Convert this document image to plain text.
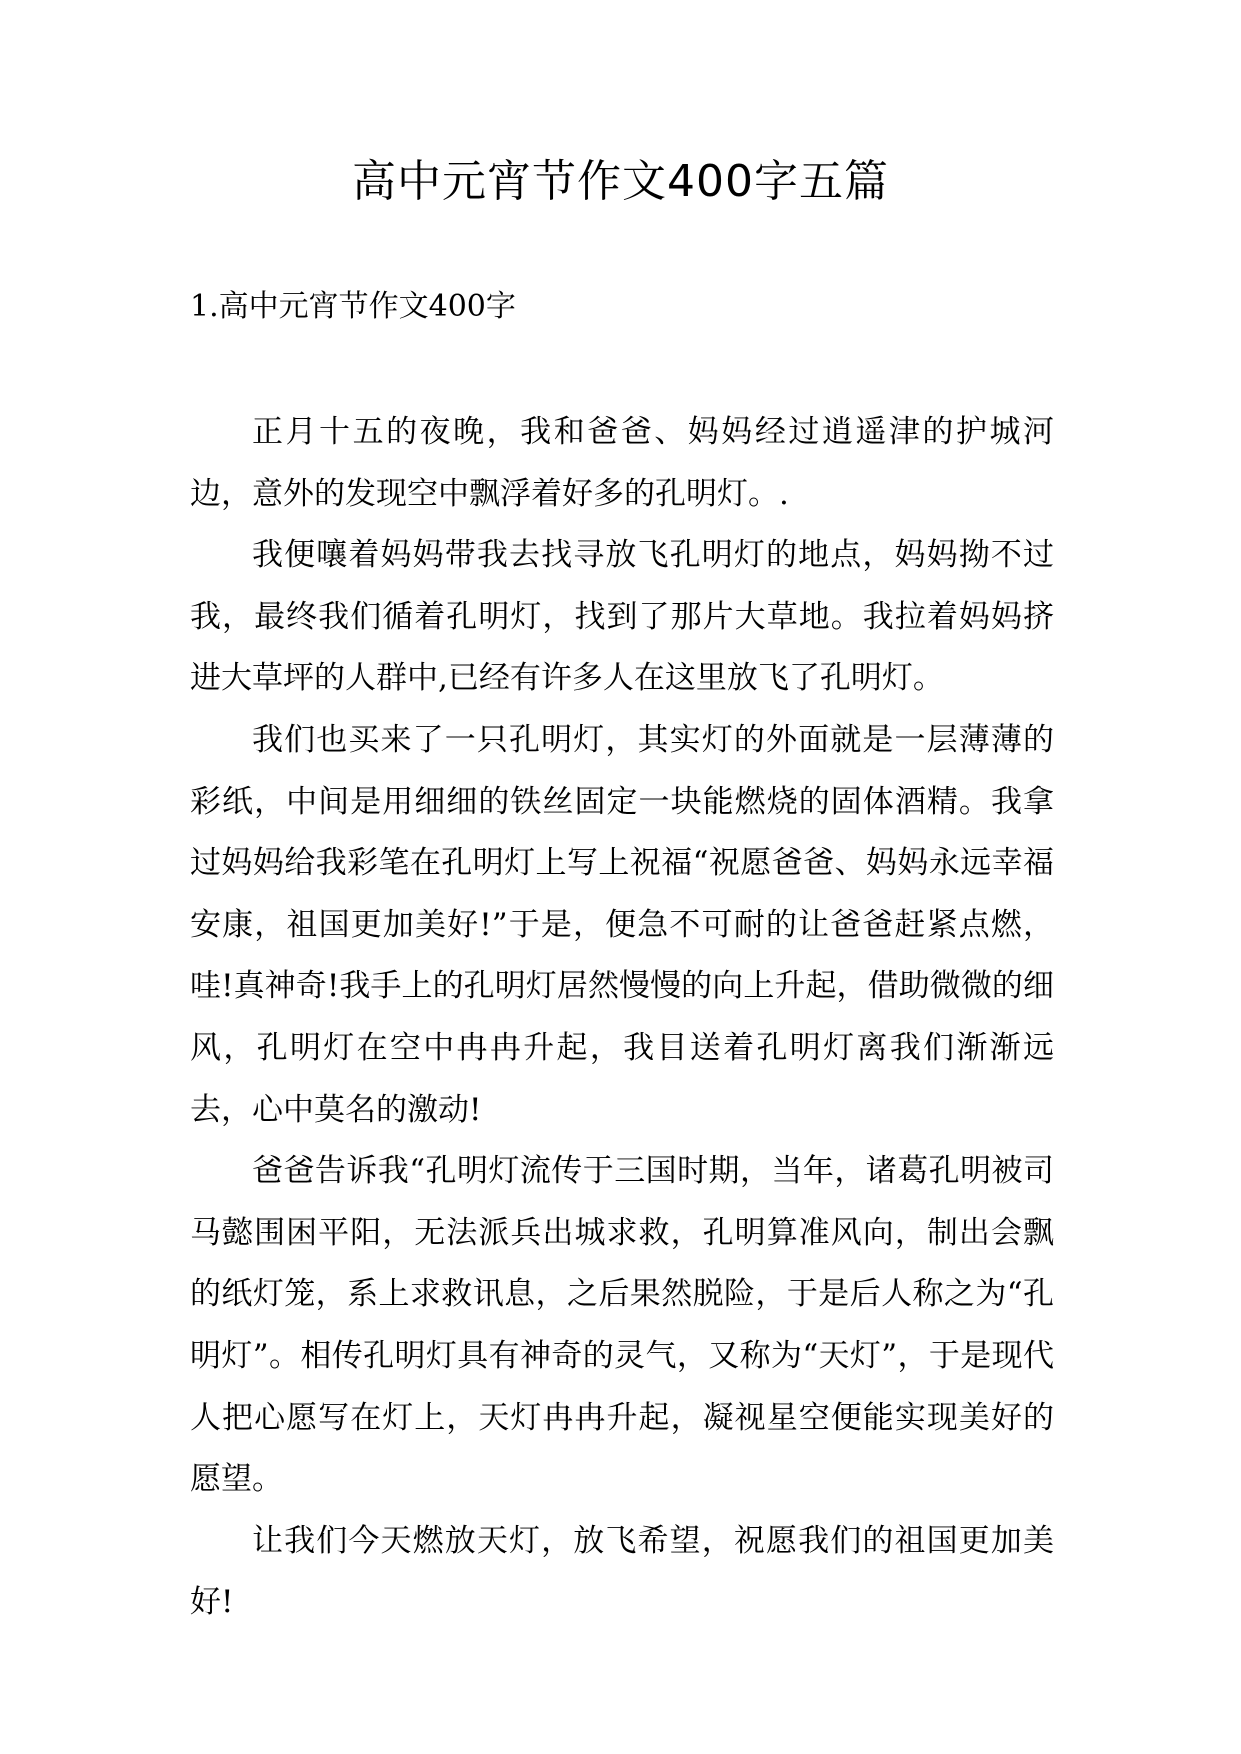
高中元宵节作文400字五篇
1.高中元宵节作文400字

正月十五的夜晚，我和爸爸、妈妈经过逍遥津的护城河边，意外的发现空中飘浮着好多的孔明灯。.

我便嚷着妈妈带我去找寻放飞孔明灯的地点，妈妈拗不过我，最终我们循着孔明灯，找到了那片大草地。我拉着妈妈挤进大草坪的人群中,已经有许多人在这里放飞了孔明灯。

我们也买来了一只孔明灯，其实灯的外面就是一层薄薄的彩纸，中间是用细细的铁丝固定一块能燃烧的固体酒精。我拿过妈妈给我彩笔在孔明灯上写上祝福“祝愿爸爸、妈妈永远幸福安康，祖国更加美好!”于是，便急不可耐的让爸爸赶紧点燃，哇!真神奇!我手上的孔明灯居然慢慢的向上升起，借助微微的细风，孔明灯在空中冉冉升起，我目送着孔明灯离我们渐渐远去，心中莫名的激动!

爸爸告诉我“孔明灯流传于三国时期，当年，诸葛孔明被司马懿围困平阳，无法派兵出城求救，孔明算准风向，制出会飘的纸灯笼，系上求救讯息，之后果然脱险，于是后人称之为“孔明灯”。相传孔明灯具有神奇的灵气，又称为“天灯”，于是现代人把心愿写在灯上，天灯冉冉升起，凝视星空便能实现美好的愿望。

让我们今天燃放天灯，放飞希望，祝愿我们的祖国更加美好!
